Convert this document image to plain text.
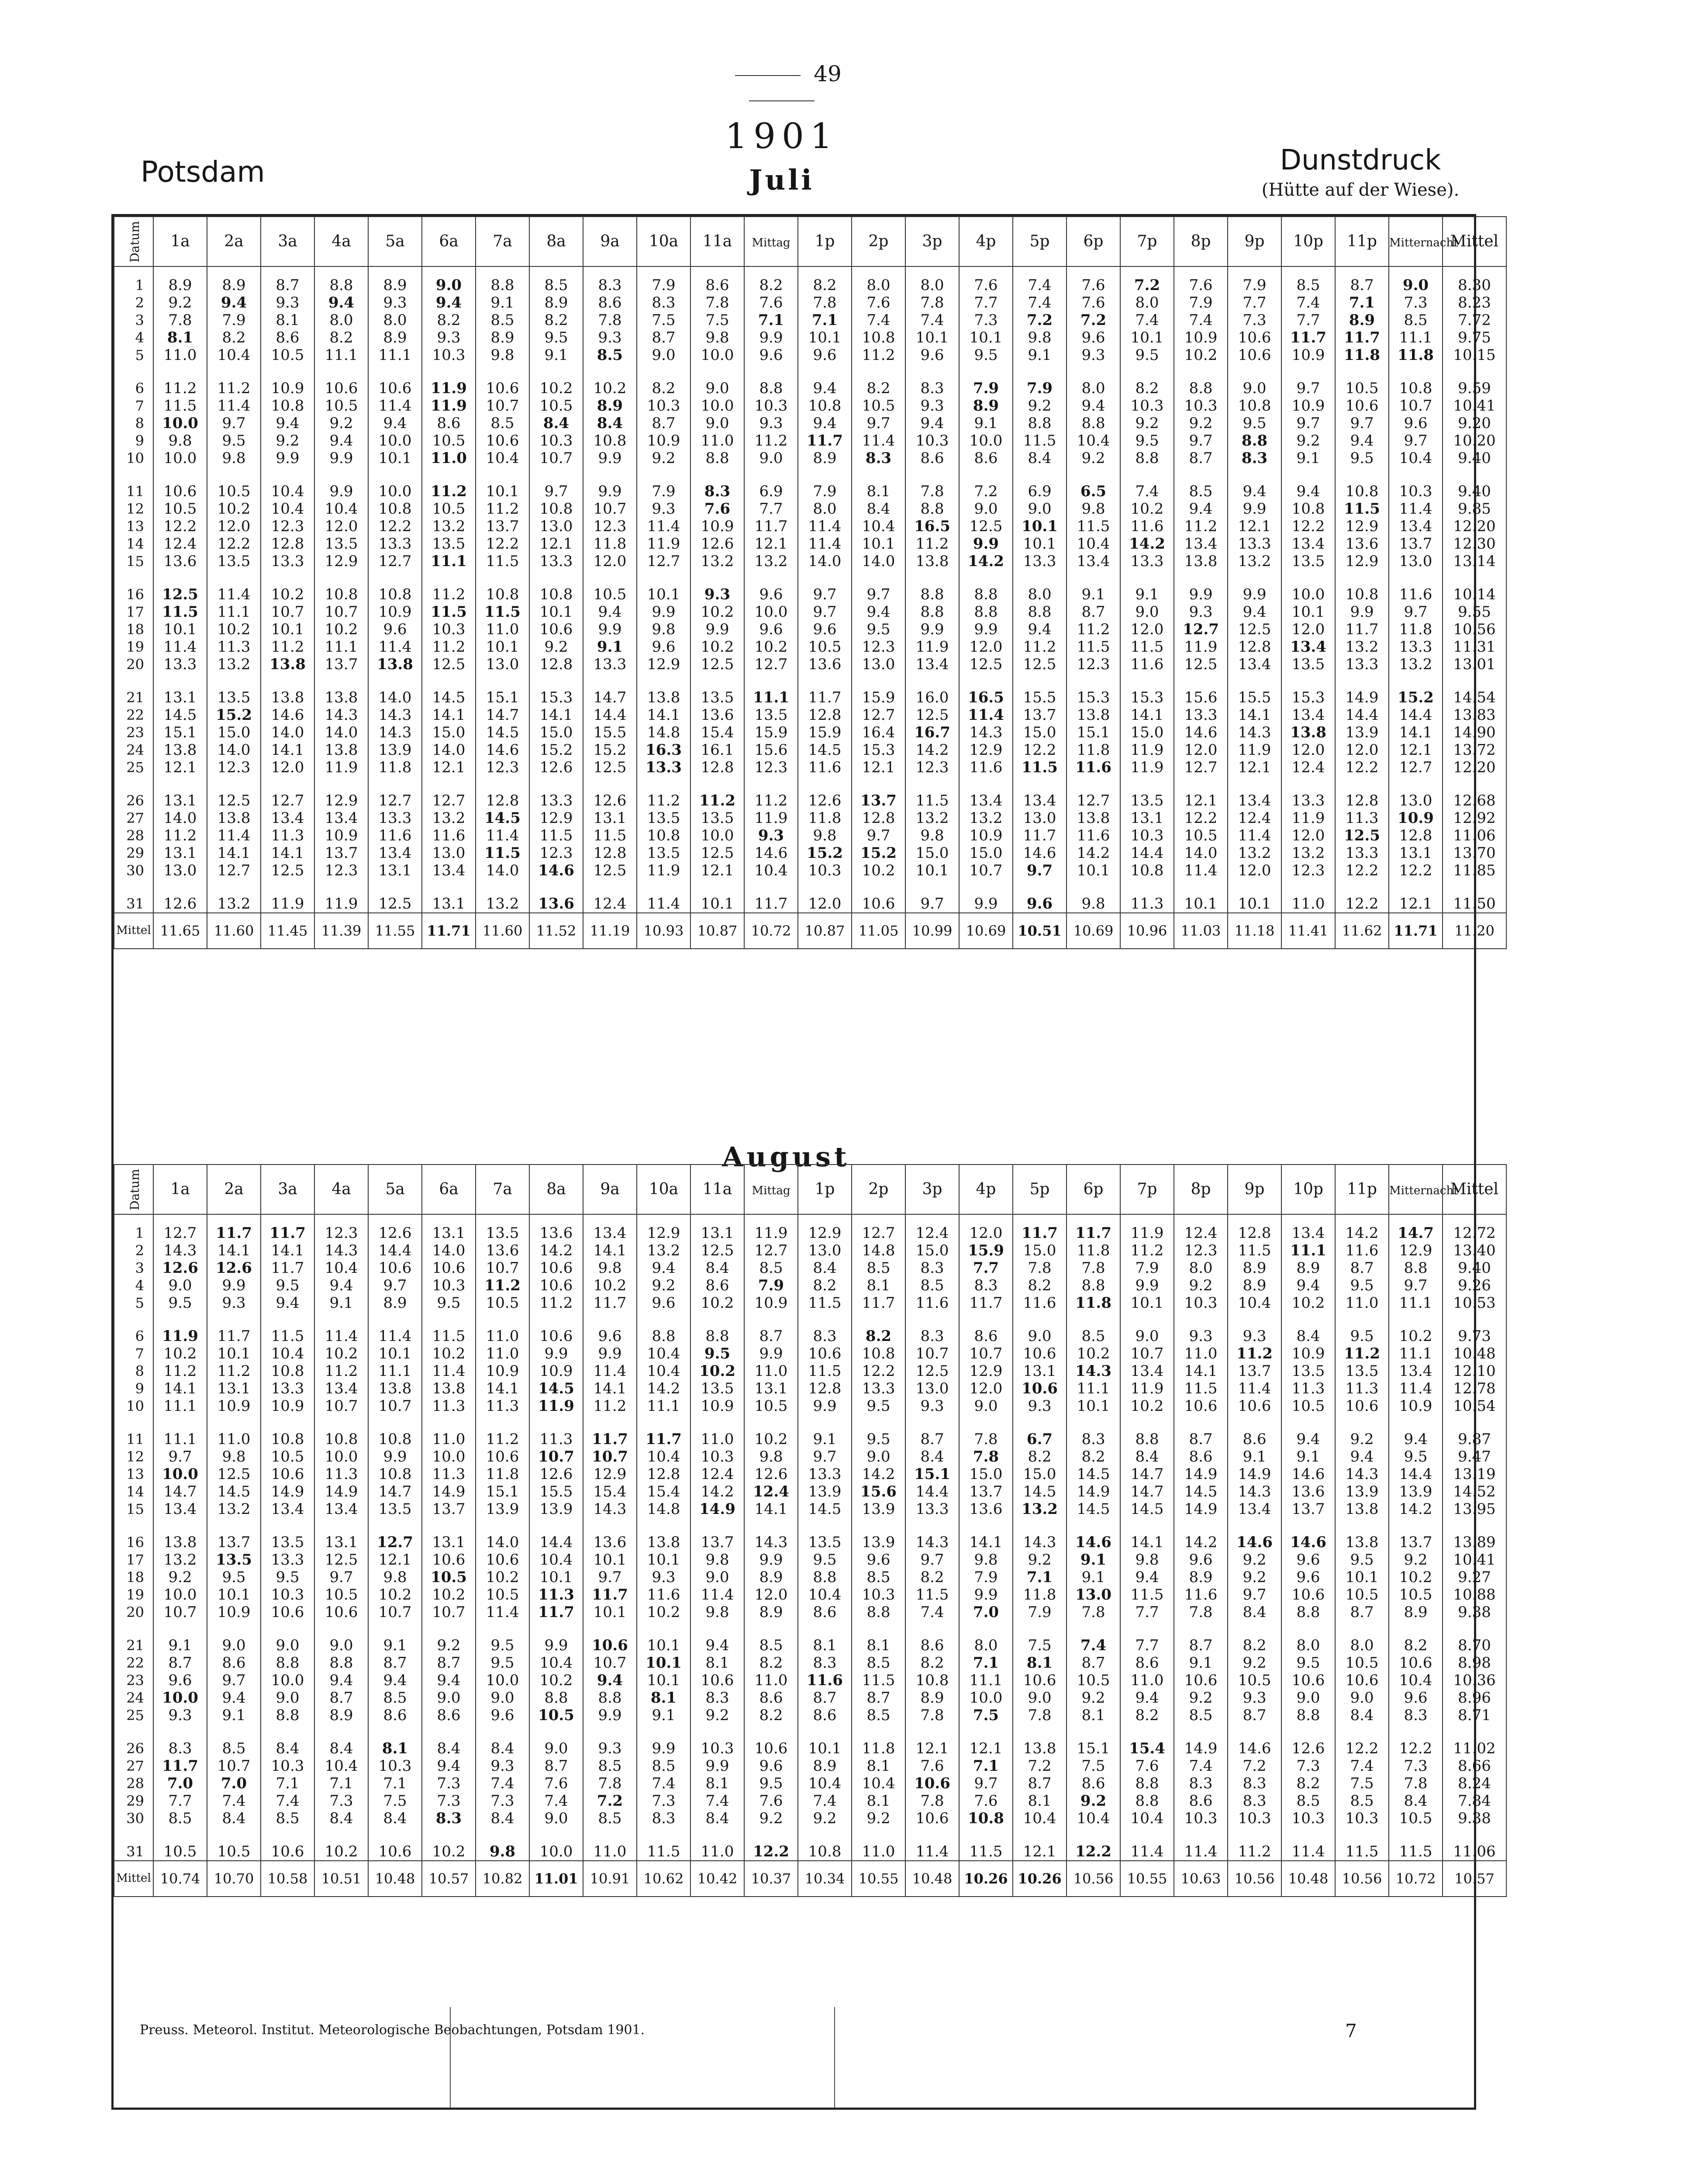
49
1901
Potsdam	Juli
Dunstdruck
(Hütte auf der Wiese).
Datum	1a	2a	3a	4a	5a	6a	7a	8a	9a	10a	11a	Mittag	1p	2p	3p	4p	5p	6p	7p	8p	9p	10p	11p	Mitternacht	Mittel
1	8.9	8.9	8.7	8.8	8.9	9.0	8.8	8.5	8.3	7.9	8.6	8.2	8.2	8.0	8.0	7.6	7.4	7.6	7.2	7.6	7.9	8.5	8.7	9.0	8.30
2	9.2	9.4	9.3	9.4	9.3	9.4	9.1	8.9	8.6	8.3	7.8	7.6	7.8	7.6	7.8	7.7	7.4	7.6	8.0	7.9	7.7	7.4	7.1	7.3	8.23
3	7.8	7.9	8.1	8.0	8.0	8.2	8.5	8.2	7.8	7.5	7.5	7.1	7.1	7.4	7.4	7.3	7.2	7.2	7.4	7.4	7.3	7.7	8.9	8.5	7.72
4	8.1	8.2	8.6	8.2	8.9	9.3	8.9	9.5	9.3	8.7	9.8	9.9	10.1	10.8	10.1	10.1	9.8	9.6	10.1	10.9	10.6	11.7	11.7	11.1	9.75
5	11.0	10.4	10.5	11.1	11.1	10.3	9.8	9.1	8.5	9.0	10.0	9.6	9.6	11.2	9.6	9.5	9.1	9.3	9.5	10.2	10.6	10.9	11.8	11.8	10.15
6	11.2	11.2	10.9	10.6	10.6	11.9	10.6	10.2	10.2	8.2	9.0	8.8	9.4	8.2	8.3	7.9	7.9	8.0	8.2	8.8	9.0	9.7	10.5	10.8	9.59
7	11.5	11.4	10.8	10.5	11.4	11.9	10.7	10.5	8.9	10.3	10.0	10.3	10.8	10.5	9.3	8.9	9.2	9.4	10.3	10.3	10.8	10.9	10.6	10.7	10.41
8	10.0	9.7	9.4	9.2	9.4	8.6	8.5	8.4	8.4	8.7	9.0	9.3	9.4	9.7	9.4	9.1	8.8	8.8	9.2	9.2	9.5	9.7	9.7	9.6	9.20
9	9.8	9.5	9.2	9.4	10.0	10.5	10.6	10.3	10.8	10.9	11.0	11.2	11.7	11.4	10.3	10.0	11.5	10.4	9.5	9.7	8.8	9.2	9.4	9.7	10.20
10	10.0	9.8	9.9	9.9	10.1	11.0	10.4	10.7	9.9	9.2	8.8	9.0	8.9	8.3	8.6	8.6	8.4	9.2	8.8	8.7	8.3	9.1	9.5	10.4	9.40
11	10.6	10.5	10.4	9.9	10.0	11.2	10.1	9.7	9.9	7.9	8.3	6.9	7.9	8.1	7.8	7.2	6.9	6.5	7.4	8.5	9.4	9.4	10.8	10.3	9.40
12	10.5	10.2	10.4	10.4	10.8	10.5	11.2	10.8	10.7	9.3	7.6	7.7	8.0	8.4	8.8	9.0	9.0	9.8	10.2	9.4	9.9	10.8	11.5	11.4	9.85
13	12.2	12.0	12.3	12.0	12.2	13.2	13.7	13.0	12.3	11.4	10.9	11.7	11.4	10.4	16.5	12.5	10.1	11.5	11.6	11.2	12.1	12.2	12.9	13.4	12.20
14	12.4	12.2	12.8	13.5	13.3	13.5	12.2	12.1	11.8	11.9	12.6	12.1	11.4	10.1	11.2	9.9	10.1	10.4	14.2	13.4	13.3	13.4	13.6	13.7	12.30
15	13.6	13.5	13.3	12.9	12.7	11.1	11.5	13.3	12.0	12.7	13.2	13.2	14.0	14.0	13.8	14.2	13.3	13.4	13.3	13.8	13.2	13.5	12.9	13.0	13.14
16	12.5	11.4	10.2	10.8	10.8	11.2	10.8	10.8	10.5	10.1	9.3	9.6	9.7	9.7	8.8	8.8	8.0	9.1	9.1	9.9	9.9	10.0	10.8	11.6	10.14
17	11.5	11.1	10.7	10.7	10.9	11.5	11.5	10.1	9.4	9.9	10.2	10.0	9.7	9.4	8.8	8.8	8.8	8.7	9.0	9.3	9.4	10.1	9.9	9.7	9.55
18	10.1	10.2	10.1	10.2	9.6	10.3	11.0	10.6	9.9	9.8	9.9	9.6	9.6	9.5	9.9	9.9	9.4	11.2	12.0	12.7	12.5	12.0	11.7	11.8	10.56
19	11.4	11.3	11.2	11.1	11.4	11.2	10.1	9.2	9.1	9.6	10.2	10.2	10.5	12.3	11.9	12.0	11.2	11.5	11.5	11.9	12.8	13.4	13.2	13.3	11.31
20	13.3	13.2	13.8	13.7	13.8	12.5	13.0	12.8	13.3	12.9	12.5	12.7	13.6	13.0	13.4	12.5	12.5	12.3	11.6	12.5	13.4	13.5	13.3	13.2	13.01
21	13.1	13.5	13.8	13.8	14.0	14.5	15.1	15.3	14.7	13.8	13.5	11.1	11.7	15.9	16.0	16.5	15.5	15.3	15.3	15.6	15.5	15.3	14.9	15.2	14.54
22	14.5	15.2	14.6	14.3	14.3	14.1	14.7	14.1	14.4	14.1	13.6	13.5	12.8	12.7	12.5	11.4	13.7	13.8	14.1	13.3	14.1	13.4	14.4	14.4	13.83
23	15.1	15.0	14.0	14.0	14.3	15.0	14.5	15.0	15.5	14.8	15.4	15.9	15.9	16.4	16.7	14.3	15.0	15.1	15.0	14.6	14.3	13.8	13.9	14.1	14.90
24	13.8	14.0	14.1	13.8	13.9	14.0	14.6	15.2	15.2	16.3	16.1	15.6	14.5	15.3	14.2	12.9	12.2	11.8	11.9	12.0	11.9	12.0	12.0	12.1	13.72
25	12.1	12.3	12.0	11.9	11.8	12.1	12.3	12.6	12.5	13.3	12.8	12.3	11.6	12.1	12.3	11.6	11.5	11.6	11.9	12.7	12.1	12.4	12.2	12.7	12.20
26	13.1	12.5	12.7	12.9	12.7	12.7	12.8	13.3	12.6	11.2	11.2	11.2	12.6	13.7	11.5	13.4	13.4	12.7	13.5	12.1	13.4	13.3	12.8	13.0	12.68
27	14.0	13.8	13.4	13.4	13.3	13.2	14.5	12.9	13.1	13.5	13.5	11.9	11.8	12.8	13.2	13.2	13.0	13.8	13.1	12.2	12.4	11.9	11.3	10.9	12.92
28	11.2	11.4	11.3	10.9	11.6	11.6	11.4	11.5	11.5	10.8	10.0	9.3	9.8	9.7	9.8	10.9	11.7	11.6	10.3	10.5	11.4	12.0	12.5	12.8	11.06
29	13.1	14.1	14.1	13.7	13.4	13.0	11.5	12.3	12.8	13.5	12.5	14.6	15.2	15.2	15.0	15.0	14.6	14.2	14.4	14.0	13.2	13.2	13.3	13.1	13.70
30	13.0	12.7	12.5	12.3	13.1	13.4	14.0	14.6	12.5	11.9	12.1	10.4	10.3	10.2	10.1	10.7	9.7	10.1	10.8	11.4	12.0	12.3	12.2	12.2	11.85
31	12.6	13.2	11.9	11.9	12.5	13.1	13.2	13.6	12.4	11.4	10.1	11.7	12.0	10.6	9.7	9.9	9.6	9.8	11.3	10.1	10.1	11.0	12.2	12.1	11.50
Mittel	11.65	11.60	11.45	11.39	11.55	11.71	11.60	11.52	11.19	10.93	10.87	10.72	10.87	11.05	10.99	10.69	10.51	10.69	10.96	11.03	11.18	11.41	11.62	11.71	11.20
August
Datum	1a	2a	3a	4a	5a	6a	7a	8a	9a	10a	11a	Mittag	1p	2p	3p	4p	5p	6p	7p	8p	9p	10p	11p	Mitternacht	Mittel
1	12.7	11.7	11.7	12.3	12.6	13.1	13.5	13.6	13.4	12.9	13.1	11.9	12.9	12.7	12.4	12.0	11.7	11.7	11.9	12.4	12.8	13.4	14.2	14.7	12.72
2	14.3	14.1	14.1	14.3	14.4	14.0	13.6	14.2	14.1	13.2	12.5	12.7	13.0	14.8	15.0	15.9	15.0	11.8	11.2	12.3	11.5	11.1	11.6	12.9	13.40
3	12.6	12.6	11.7	10.4	10.6	10.6	10.7	10.6	9.8	9.4	8.4	8.5	8.4	8.5	8.3	7.7	7.8	7.8	7.9	8.0	8.9	8.9	8.7	8.8	9.40
4	9.0	9.9	9.5	9.4	9.7	10.3	11.2	10.6	10.2	9.2	8.6	7.9	8.2	8.1	8.5	8.3	8.2	8.8	9.9	9.2	8.9	9.4	9.5	9.7	9.26
5	9.5	9.3	9.4	9.1	8.9	9.5	10.5	11.2	11.7	9.6	10.2	10.9	11.5	11.7	11.6	11.7	11.6	11.8	10.1	10.3	10.4	10.2	11.0	11.1	10.53
6	11.9	11.7	11.5	11.4	11.4	11.5	11.0	10.6	9.6	8.8	8.8	8.7	8.3	8.2	8.3	8.6	9.0	8.5	9.0	9.3	9.3	8.4	9.5	10.2	9.73
7	10.2	10.1	10.4	10.2	10.1	10.2	11.0	9.9	9.9	10.4	9.5	9.9	10.6	10.8	10.7	10.7	10.6	10.2	10.7	11.0	11.2	10.9	11.2	11.1	10.48
8	11.2	11.2	10.8	11.2	11.1	11.4	10.9	10.9	11.4	10.4	10.2	11.0	11.5	12.2	12.5	12.9	13.1	14.3	13.4	14.1	13.7	13.5	13.5	13.4	12.10
9	14.1	13.1	13.3	13.4	13.8	13.8	14.1	14.5	14.1	14.2	13.5	13.1	12.8	13.3	13.0	12.0	10.6	11.1	11.9	11.5	11.4	11.3	11.3	11.4	12.78
10	11.1	10.9	10.9	10.7	10.7	11.3	11.3	11.9	11.2	11.1	10.9	10.5	9.9	9.5	9.3	9.0	9.3	10.1	10.2	10.6	10.6	10.5	10.6	10.9	10.54
11	11.1	11.0	10.8	10.8	10.8	11.0	11.2	11.3	11.7	11.7	11.0	10.2	9.1	9.5	8.7	7.8	6.7	8.3	8.8	8.7	8.6	9.4	9.2	9.4	9.87
12	9.7	9.8	10.5	10.0	9.9	10.0	10.6	10.7	10.7	10.4	10.3	9.8	9.7	9.0	8.4	7.8	8.2	8.2	8.4	8.6	9.1	9.1	9.4	9.5	9.47
13	10.0	12.5	10.6	11.3	10.8	11.3	11.8	12.6	12.9	12.8	12.4	12.6	13.3	14.2	15.1	15.0	15.0	14.5	14.7	14.9	14.9	14.6	14.3	14.4	13.19
14	14.7	14.5	14.9	14.9	14.7	14.9	15.1	15.5	15.4	15.4	14.2	12.4	13.9	15.6	14.4	13.7	14.5	14.9	14.7	14.5	14.3	13.6	13.9	13.9	14.52
15	13.4	13.2	13.4	13.4	13.5	13.7	13.9	13.9	14.3	14.8	14.9	14.1	14.5	13.9	13.3	13.6	13.2	14.5	14.5	14.9	13.4	13.7	13.8	14.2	13.95
16	13.8	13.7	13.5	13.1	12.7	13.1	14.0	14.4	13.6	13.8	13.7	14.3	13.5	13.9	14.3	14.1	14.3	14.6	14.1	14.2	14.6	14.6	13.8	13.7	13.89
17	13.2	13.5	13.3	12.5	12.1	10.6	10.6	10.4	10.1	10.1	9.8	9.9	9.5	9.6	9.7	9.8	9.2	9.1	9.8	9.6	9.2	9.6	9.5	9.2	10.41
18	9.2	9.5	9.5	9.7	9.8	10.5	10.2	10.1	9.7	9.3	9.0	8.9	8.8	8.5	8.2	7.9	7.1	9.1	9.4	8.9	9.2	9.6	10.1	10.2	9.27
19	10.0	10.1	10.3	10.5	10.2	10.2	10.5	11.3	11.7	11.6	11.4	12.0	10.4	10.3	11.5	9.9	11.8	13.0	11.5	11.6	9.7	10.6	10.5	10.5	10.88
20	10.7	10.9	10.6	10.6	10.7	10.7	11.4	11.7	10.1	10.2	9.8	8.9	8.6	8.8	7.4	7.0	7.9	7.8	7.7	7.8	8.4	8.8	8.7	8.9	9.38
21	9.1	9.0	9.0	9.0	9.1	9.2	9.5	9.9	10.6	10.1	9.4	8.5	8.1	8.1	8.6	8.0	7.5	7.4	7.7	8.7	8.2	8.0	8.0	8.2	8.70
22	8.7	8.6	8.8	8.8	8.7	8.7	9.5	10.4	10.7	10.1	8.1	8.2	8.3	8.5	8.2	7.1	8.1	8.7	8.6	9.1	9.2	9.5	10.5	10.6	8.98
23	9.6	9.7	10.0	9.4	9.4	9.4	10.0	10.2	9.4	10.1	10.6	11.0	11.6	11.5	10.8	11.1	10.6	10.5	11.0	10.6	10.5	10.6	10.6	10.4	10.36
24	10.0	9.4	9.0	8.7	8.5	9.0	9.0	8.8	8.8	8.1	8.3	8.6	8.7	8.7	8.9	10.0	9.0	9.2	9.4	9.2	9.3	9.0	9.0	9.6	8.96
25	9.3	9.1	8.8	8.9	8.6	8.6	9.6	10.5	9.9	9.1	9.2	8.2	8.6	8.5	7.8	7.5	7.8	8.1	8.2	8.5	8.7	8.8	8.4	8.3	8.71
26	8.3	8.5	8.4	8.4	8.1	8.4	8.4	9.0	9.3	9.9	10.3	10.6	10.1	11.8	12.1	12.1	13.8	15.1	15.4	14.9	14.6	12.6	12.2	12.2	11.02
27	11.7	10.7	10.3	10.4	10.3	9.4	9.3	8.7	8.5	8.5	9.9	9.6	8.9	8.1	7.6	7.1	7.2	7.5	7.6	7.4	7.2	7.3	7.4	7.3	8.66
28	7.0	7.0	7.1	7.1	7.1	7.3	7.4	7.6	7.8	7.4	8.1	9.5	10.4	10.4	10.6	9.7	8.7	8.6	8.8	8.3	8.3	8.2	7.5	7.8	8.24
29	7.7	7.4	7.4	7.3	7.5	7.3	7.3	7.4	7.2	7.3	7.4	7.6	7.4	8.1	7.8	7.6	8.1	9.2	8.8	8.6	8.3	8.5	8.5	8.4	7.84
30	8.5	8.4	8.5	8.4	8.4	8.3	8.4	9.0	8.5	8.3	8.4	9.2	9.2	9.2	10.6	10.8	10.4	10.4	10.4	10.3	10.3	10.3	10.3	10.5	9.38
31	10.5	10.5	10.6	10.2	10.6	10.2	9.8	10.0	11.0	11.5	11.0	12.2	10.8	11.0	11.4	11.5	12.1	12.2	11.4	11.4	11.2	11.4	11.5	11.5	11.06
Mittel	10.74	10.70	10.58	10.51	10.48	10.57	10.82	11.01	10.91	10.62	10.42	10.37	10.34	10.55	10.48	10.26	10.26	10.56	10.55	10.63	10.56	10.48	10.56	10.72	10.57
Preuss. Meteorol. Institut. Meteorologische Beobachtungen, Potsdam 1901.	7
